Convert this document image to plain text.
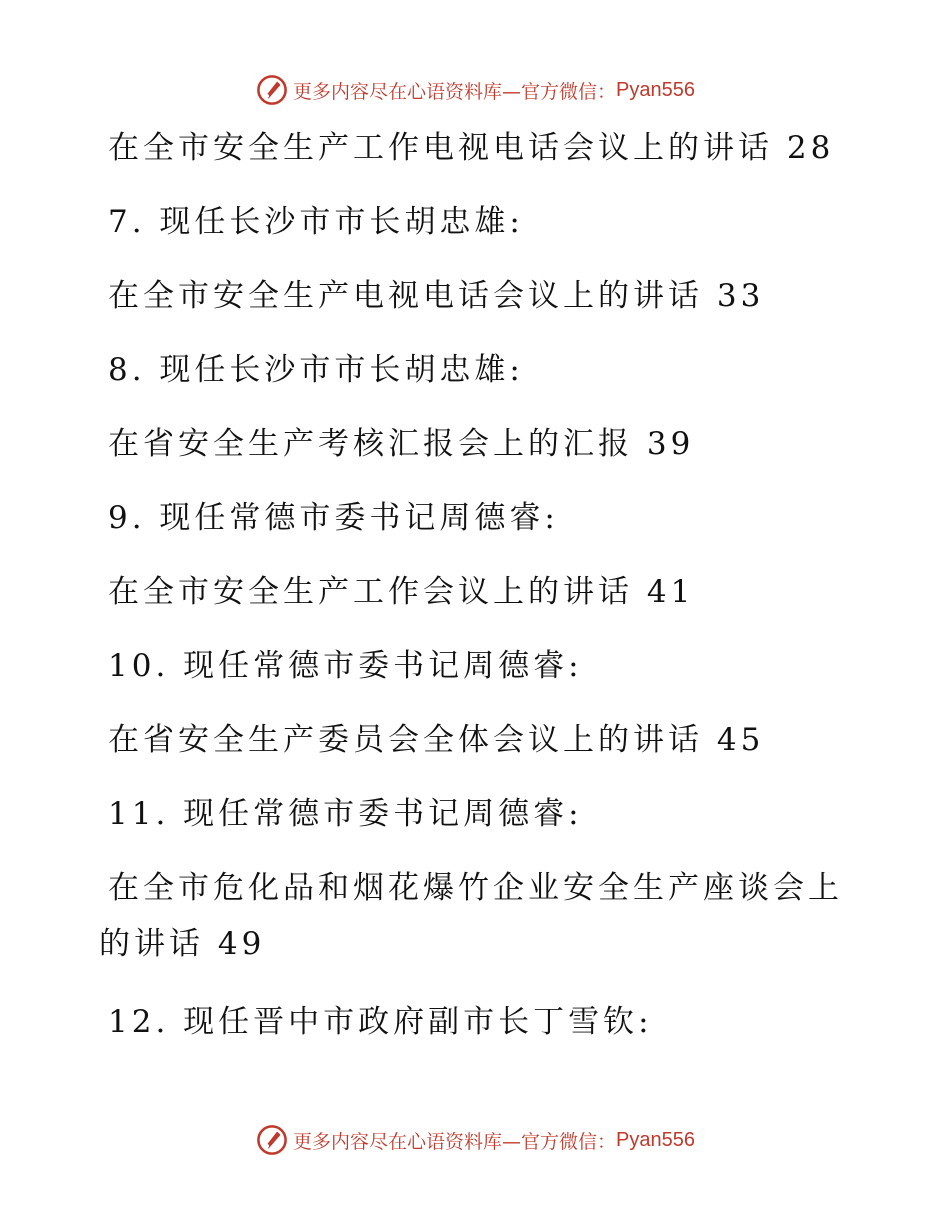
更多内容尽在心语资料库—官方微信： Pyan556
在全市安全生产工作电视电话会议上的讲话 28
7. 现任长沙市市长胡忠雄:
在全市安全生产电视电话会议上的讲话 33
8. 现任长沙市市长胡忠雄:
在省安全生产考核汇报会上的汇报 39
9. 现任常德市委书记周德睿:
在全市安全生产工作会议上的讲话 41
10. 现任常德市委书记周德睿:
在省安全生产委员会全体会议上的讲话 45
11. 现任常德市委书记周德睿:
在全市危化品和烟花爆竹企业安全生产座谈会上
的讲话 49
12. 现任晋中市政府副市长丁雪钦:
更多内容尽在心语资料库—官方微信： Pyan556
